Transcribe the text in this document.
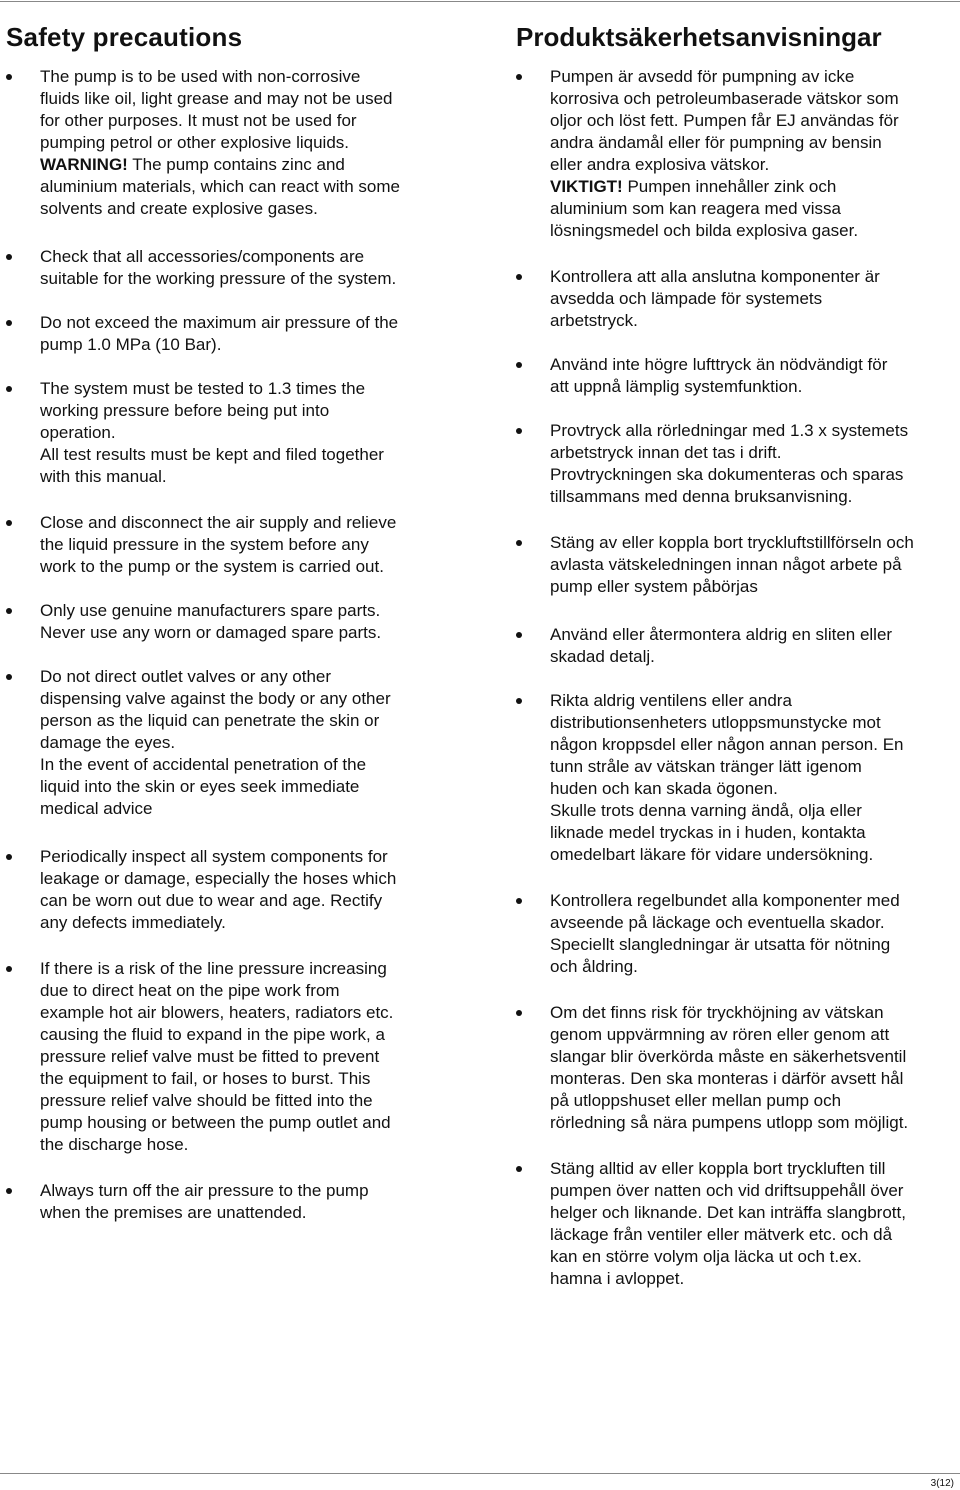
Safety precautions
The pump is to be used with non-corrosive
fluids like oil, light grease and may not be used
for other purposes. It must not be used for
pumping petrol or other explosive liquids.
WARNING! The pump contains zinc and
aluminium materials, which can react with some
solvents and create explosive gases.
Check that all accessories/components are
suitable for the working pressure of the system.
Do not exceed the maximum air pressure of the
pump 1.0 MPa (10 Bar).
The system must be tested to 1.3 times the
working pressure before being put into
operation.
All test results must be kept and filed together
with this manual.
Close and disconnect the air supply and relieve
the liquid pressure in the system before any
work to the pump or the system is carried out.
Only use genuine manufacturers spare parts.
Never use any worn or damaged spare parts.
Do not direct outlet valves or any other
dispensing valve against the body or any other
person as the liquid can penetrate the skin or
damage the eyes.
In the event of accidental penetration of the
liquid into the skin or eyes seek immediate
medical advice
Periodically inspect all system components for
leakage or damage, especially the hoses which
can be worn out due to wear and age. Rectify
any defects immediately.
If there is a risk of the line pressure increasing
due to direct heat on the pipe work from
example hot air blowers, heaters, radiators etc.
causing the fluid to expand in the pipe work, a
pressure relief valve must be fitted to prevent
the equipment to fail, or hoses to burst. This
pressure relief valve should be fitted into the
pump housing or between the pump outlet and
the discharge hose.
Always turn off the air pressure to the pump
when the premises are unattended.
Produktsäkerhetsanvisningar
Pumpen är avsedd för pumpning av icke
korrosiva och petroleumbaserade vätskor som
oljor och löst fett. Pumpen får EJ användas för
andra ändamål eller för pumpning av bensin
eller andra explosiva vätskor.
VIKTIGT! Pumpen innehåller zink och
aluminium som kan reagera med vissa
lösningsmedel och bilda explosiva gaser.
Kontrollera att alla anslutna komponenter är
avsedda och lämpade för systemets
arbetstryck.
Använd inte högre lufttryck än nödvändigt för
att uppnå lämplig systemfunktion.
Provtryck alla rörledningar med 1.3 x systemets
arbetstryck innan det tas i drift.
Provtryckningen ska dokumenteras och sparas
tillsammans med denna bruksanvisning.
Stäng av eller koppla bort tryckluftstillförseln och
avlasta vätskeledningen innan något arbete på
pump eller system påbörjas
Använd eller återmontera aldrig en sliten eller
skadad detalj.
Rikta aldrig ventilens eller andra
distributionsenheters utloppsmunstycke mot
någon kroppsdel eller någon annan person. En
tunn stråle av vätskan tränger lätt igenom
huden och kan skada ögonen.
Skulle trots denna varning ändå, olja eller
liknade medel tryckas in i huden, kontakta
omedelbart läkare för vidare undersökning.
Kontrollera regelbundet alla komponenter med
avseende på läckage och eventuella skador.
Speciellt slangledningar är utsatta för nötning
och åldring.
Om det finns risk för tryckhöjning av vätskan
genom uppvärmning av rören eller genom att
slangar blir överkörda måste en säkerhetsventil
monteras. Den ska monteras i därför avsett hål
på utloppshuset eller mellan pump och
rörledning så nära pumpens utlopp som möjligt.
Stäng alltid av eller koppla bort tryckluften till
pumpen över natten och vid driftsuppehåll över
helger och liknande. Det kan inträffa slangbrott,
läckage från ventiler eller mätverk etc. och då
kan en större volym olja läcka ut och t.ex.
hamna i avloppet.
3(12)
